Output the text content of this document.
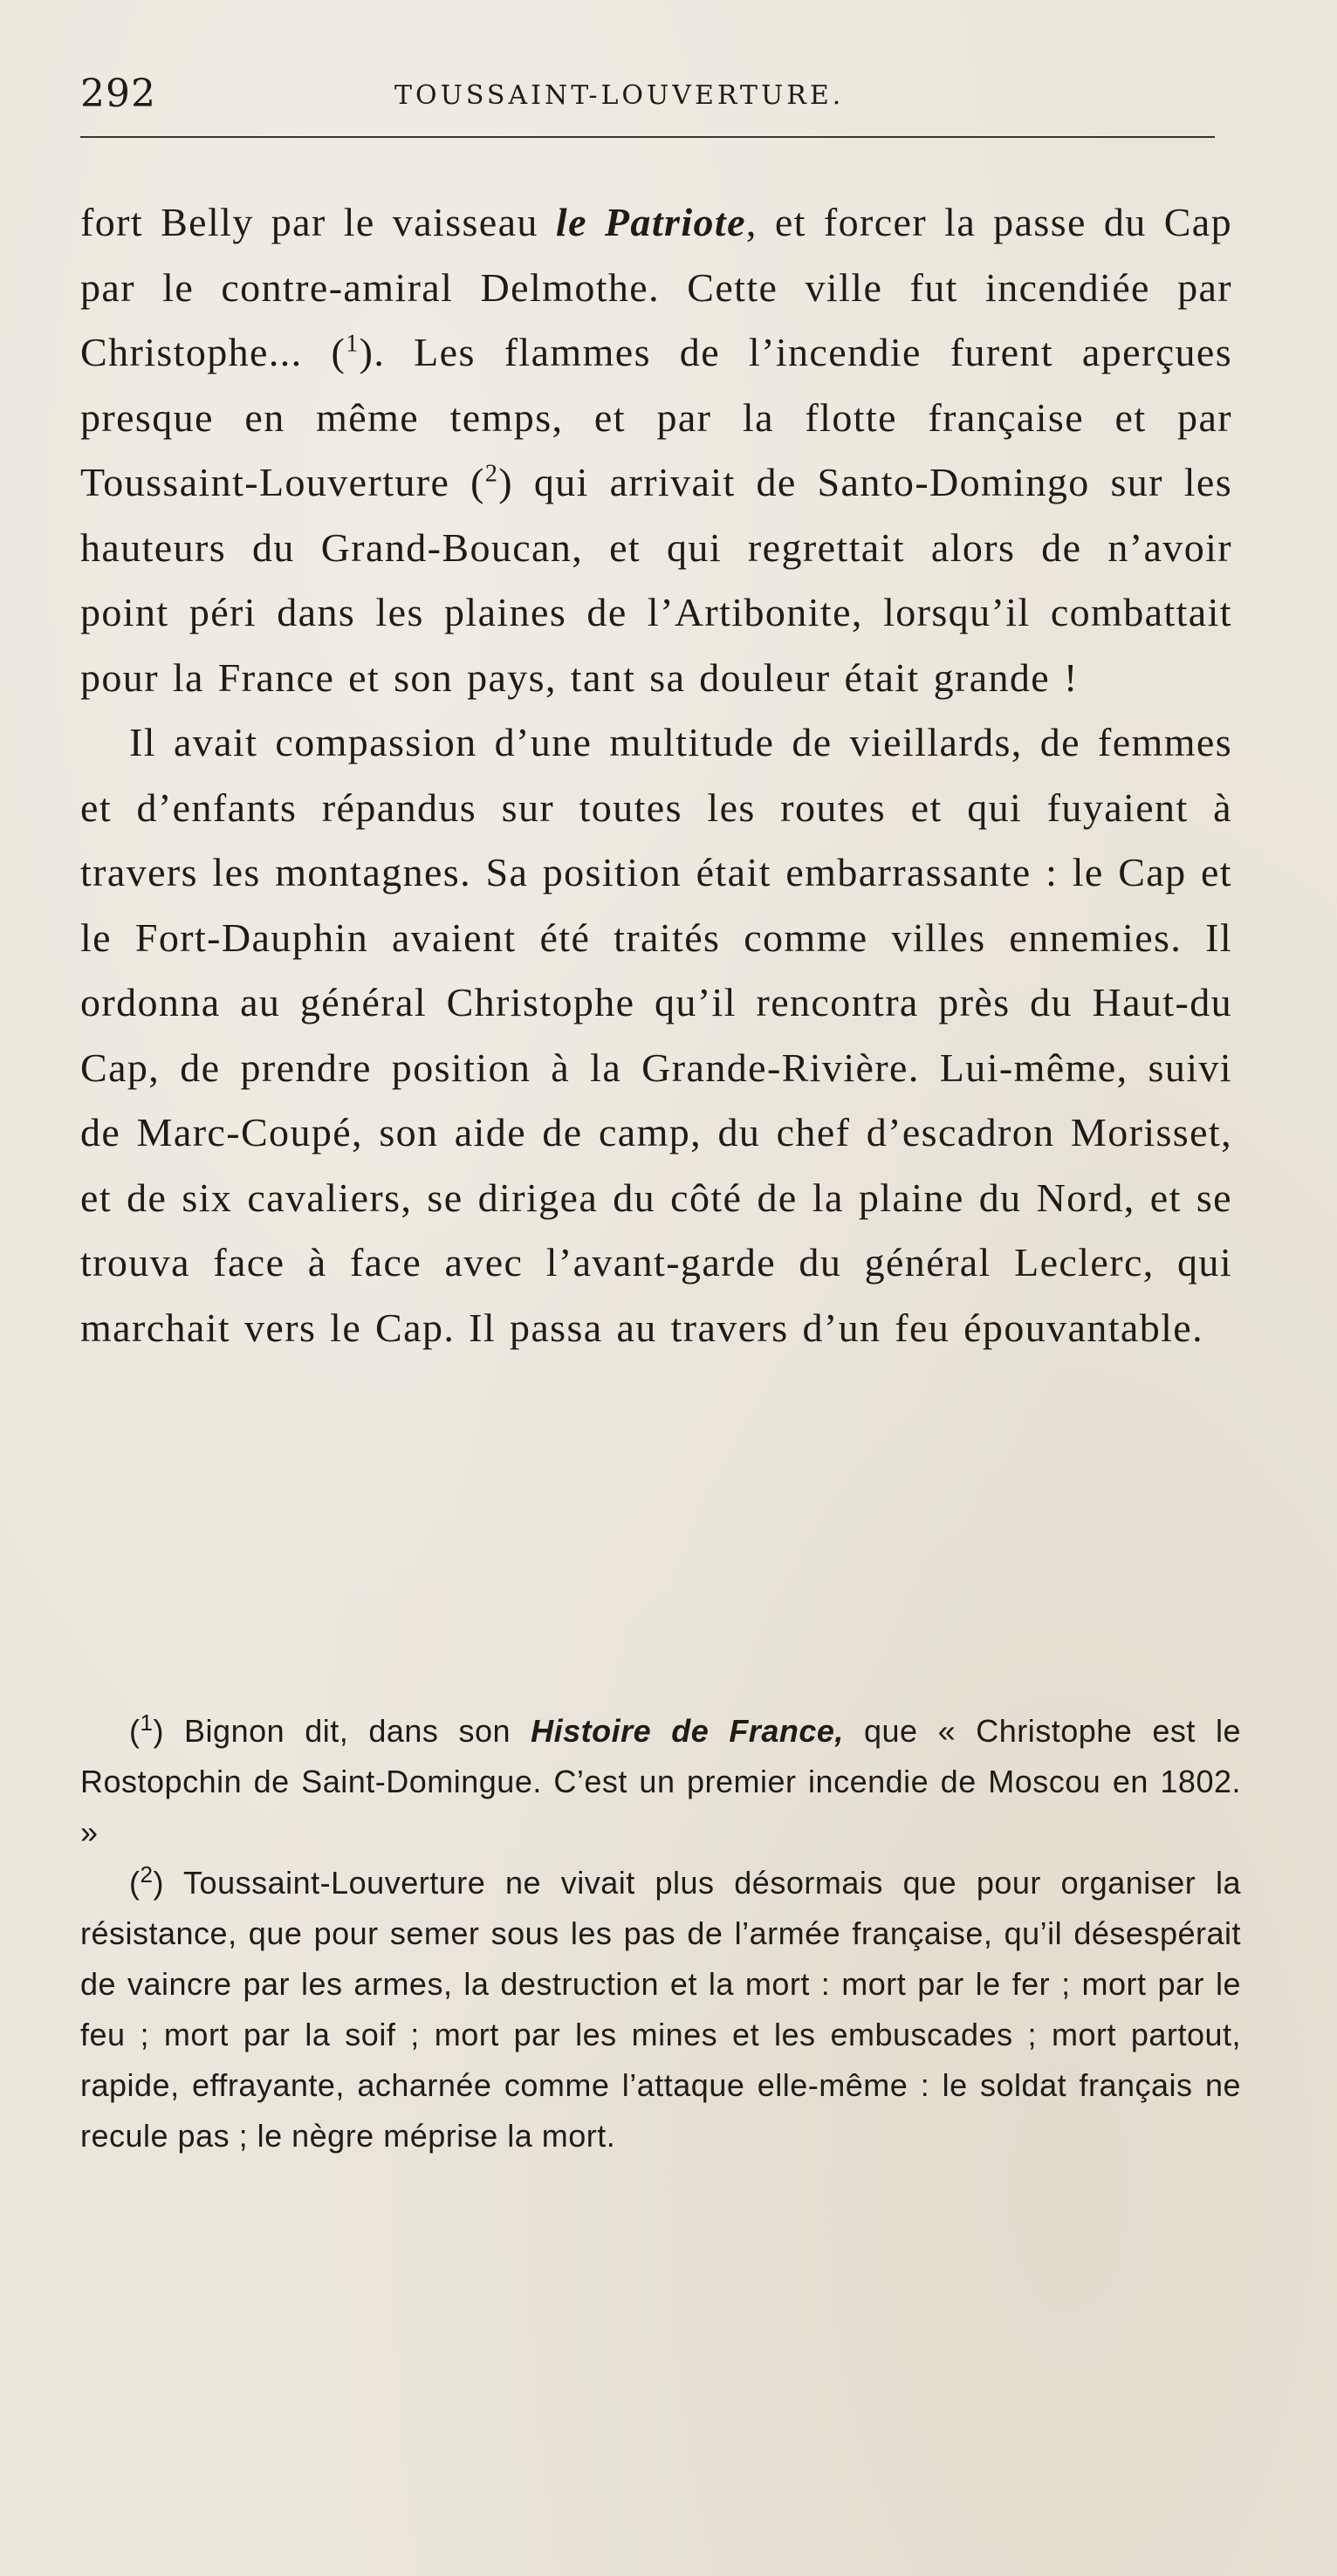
292	TOUSSAINT-LOUVERTURE.

fort Belly par le vaisseau le Patriote, et forcer la passe du Cap par le contre-amiral Delmothe. Cette ville fut incendiée par Christophe... ($^1$). Les flammes de l’incendie furent aperçues presque en même temps, et par la flotte française et par Toussaint-Louverture ($^2$) qui arrivait de Santo-Domingo sur les hauteurs du Grand-Boucan, et qui regrettait alors de n’avoir point péri dans les plaines de l’Artibonite, lorsqu’il combattait pour la France et son pays, tant sa douleur était grande !

Il avait compassion d’une multitude de vieillards, de femmes et d’enfants répandus sur toutes les routes et qui fuyaient à travers les montagnes. Sa position était embarrassante : le Cap et le Fort-Dauphin avaient été traités comme villes ennemies. Il ordonna au général Christophe qu’il rencontra près du Haut-du Cap, de prendre position à la Grande-Rivière. Lui-même, suivi de Marc-Coupé, son aide de camp, du chef d’escadron Morisset, et de six cavaliers, se dirigea du côté de la plaine du Nord, et se trouva face à face avec l’avant-garde du général Leclerc, qui marchait vers le Cap. Il passa au travers d’un feu épouvantable.

($^1$) Bignon dit, dans son Histoire de France, que « Christophe est le Rostopchin de Saint-Domingue. C’est un premier incendie de Moscou en 1802. »

($^2$) Toussaint-Louverture ne vivait plus désormais que pour organiser la résistance, que pour semer sous les pas de l’armée française, qu’il désespérait de vaincre par les armes, la destruction et la mort : mort par le fer ; mort par le feu ; mort par la soif ; mort par les mines et les embuscades ; mort partout, rapide, effrayante, acharnée comme l’attaque elle-même : le soldat français ne recule pas ; le nègre méprise la mort.
